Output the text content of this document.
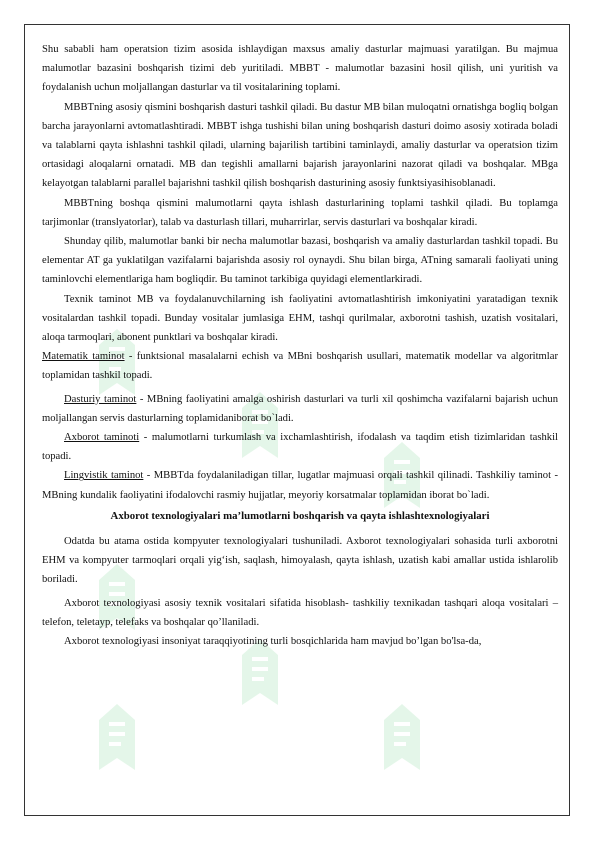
Shu sababli ham operatsion tizim asosida ishlaydigan maxsus amaliy dasturlar majmuasi yaratilgan. Bu majmua malumotlar bazasini boshqarish tizimi deb yuritiladi. MBBT - malumotlar bazasini hosil qilish, uni yuritish va foydalanish uchun moljallangan dasturlar va til vositalarining toplami.

MBBTning asosiy qismini boshqarish dasturi tashkil qiladi. Bu dastur MB bilan muloqatni ornatishga bogliq bolgan barcha jarayonlarni avtomatlashtiradi. MBBT ishga tushishi bilan uning boshqarish dasturi doimo asosiy xotirada boladi va talablarni qayta ishlashni tashkil qiladi, ularning bajarilish tartibini taminlaydi, amaliy dasturlar va operatsion tizim ortasidagi aloqalarni ornatadi. MB dan tegishli amallarni bajarish jarayonlarini nazorat qiladi va boshqalar. MBga kelayotgan talablarni parallel bajarishni tashkil qilish boshqarish dasturining asosiy funktsiyasihisoblanadi.

MBBTning boshqa qismini malumotlarni qayta ishlash dasturlarining toplami tashkil qiladi. Bu toplamga tarjimonlar (translyatorlar), talab va dasturlash tillari, muharrirlar, servis dasturlari va boshqalar kiradi.

Shunday qilib, malumotlar banki bir necha malumotlar bazasi, boshqarish va amaliy dasturlardan tashkil topadi. Bu elementar AT ga yuklatilgan vazifalarni bajarishda asosiy rol oynaydi. Shu bilan birga, ATning samarali faoliyati uning taminlovchi elementlariga ham bogliqdir. Bu taminot tarkibiga quyidagi elementlarkiradi.

Texnik taminot MB va foydalanuvchilarning ish faoliyatini avtomatlashtirish imkoniyatini yaratadigan texnik vositalardan tashkil topadi. Bunday vositalar jumlasiga EHM, tashqi qurilmalar, axborotni tashish, uzatish vositalari, aloqa tarmoqlari, abonent punktlari va boshqalar kiradi.

Matematik taminot - funktsional masalalarni echish va MBni boshqarish usullari, matematik modellar va algoritmlar toplamidan tashkil topadi.

Dasturiy taminot - MBning faoliyatini amalga oshirish dasturlari va turli xil qoshimcha vazifalarni bajarish uchun moljallangan servis dasturlarning toplamidaniborat bo`ladi.

Axborot taminoti - malumotlarni turkumlash va ixchamlashtirish, ifodalash va taqdim etish tizimlaridan tashkil topadi.

Lingvistik taminot - MBBTda foydalaniladigan tillar, lugatlar majmuasi orqali tashkil qilinadi. Tashkiliy taminot -MBning kundalik faoliyatini ifodalovchi rasmiy hujjatlar, meyoriy korsatmalar toplamidan iborat bo`ladi.

Axborot texnologiyalari ma’lumotlarni boshqarish va qayta ishlashtexnologiyalari

Odatda bu atama ostida kompyuter texnologiyalari tushuniladi. Axborot texnologiyalari sohasida turli axborotni EHM va kompyuter tarmoqlari orqali yig‘ish, saqlash, himoyalash, qayta ishlash, uzatish kabi amallar ustida ishlarolib boriladi.

Axborot texnologiyasi asosiy texnik vositalari sifatida hisoblash- tashkiliy texnikadan tashqari aloqa vositalari – telefon, teletayp, telefaks va boshqalar qo’llaniladi.

Axborot texnologiyasi insoniyat taraqqiyotining turli bosqichlarida ham mavjud bo’lgan bo'lsa-da,
